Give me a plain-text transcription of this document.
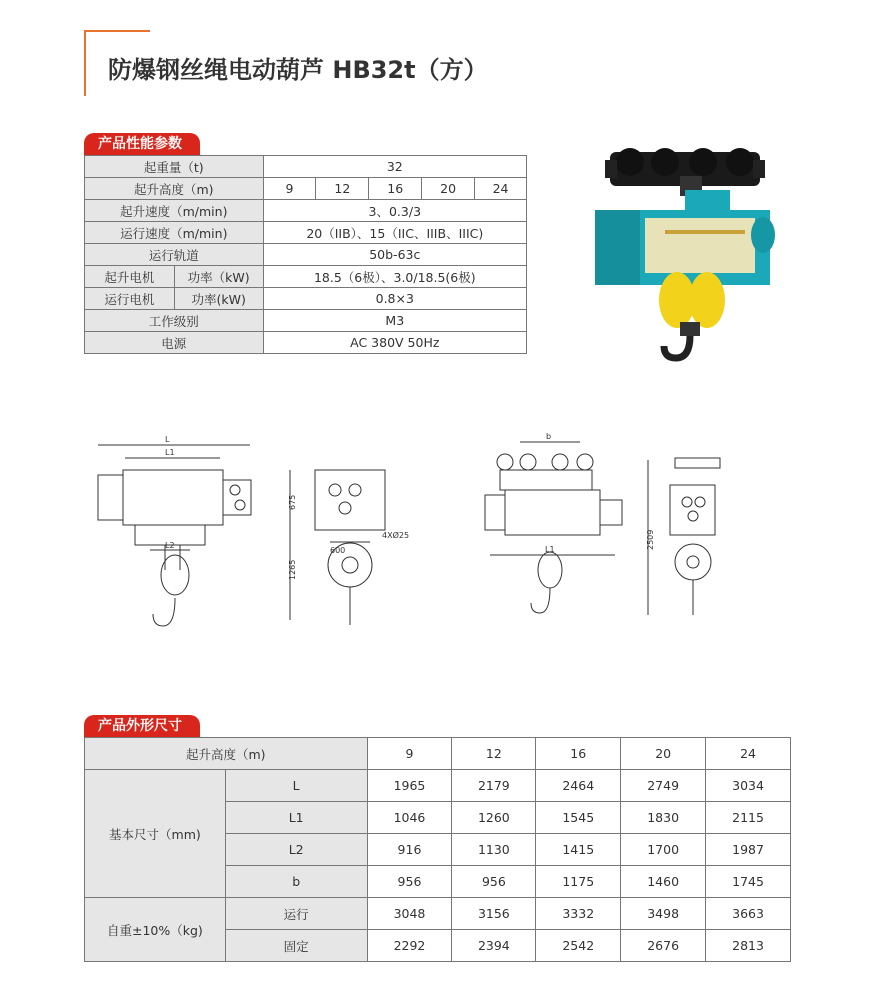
防爆钢丝绳电动葫芦 HB32t（方）
产品性能参数
起重量（t)		32				
起升高度（m)		9	12	16	20	24
起升速度（m/min)		3、0.3/3				
运行速度（m/min)		20（IIB）、15（IIC、IIIB、IIIC)				
运行轨道		50b-63c				
起升电机	功率（kW)	18.5（6极）、3.0/18.5(6极)				
运行电机	功率(kW)	0.8×3				
工作级别		M3				
电源		AC 380V 50Hz				
L
L1
L2
675
1265
600
4XØ25
b
L1	2509
产品外形尺寸
起升高度（m)		9	12	16	20	24
基本尺寸（mm)	L	1965	2179	2464	2749	3034
	L1	1046	1260	1545	1830	2115
	L2	916	1130	1415	1700	1987
	b	956	956	1175	1460	1745
自重±10%（kg)	运行	3048	3156	3332	3498	3663
	固定	2292	2394	2542	2676	2813
